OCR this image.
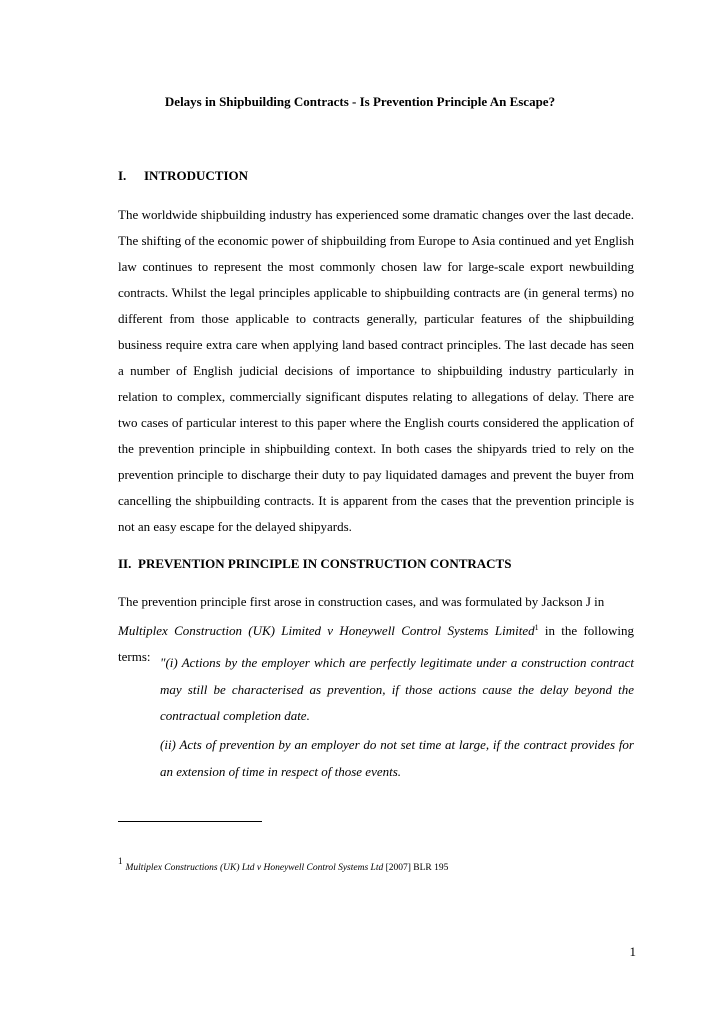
Delays in Shipbuilding Contracts - Is Prevention Principle An Escape?
I. INTRODUCTION
The worldwide shipbuilding industry has experienced some dramatic changes over the last decade. The shifting of the economic power of shipbuilding from Europe to Asia continued and yet English law continues to represent the most commonly chosen law for large-scale export newbuilding contracts. Whilst the legal principles applicable to shipbuilding contracts are (in general terms) no different from those applicable to contracts generally, particular features of the shipbuilding business require extra care when applying land based contract principles. The last decade has seen a number of English judicial decisions of importance to shipbuilding industry particularly in relation to complex, commercially significant disputes relating to allegations of delay. There are two cases of particular interest to this paper where the English courts considered the application of the prevention principle in shipbuilding context. In both cases the shipyards tried to rely on the prevention principle to discharge their duty to pay liquidated damages and prevent the buyer from cancelling the shipbuilding contracts. It is apparent from the cases that the prevention principle is not an easy escape for the delayed shipyards.
II. PREVENTION PRINCIPLE IN CONSTRUCTION CONTRACTS
The prevention principle first arose in construction cases, and was formulated by Jackson J in
Multiplex Construction (UK) Limited v Honeywell Control Systems Limited$^1$ in the following terms: "(i) Actions by the employer which are perfectly legitimate under a construction contract may still be characterised as prevention, if those actions cause the delay beyond the contractual completion date.
(ii) Acts of prevention by an employer do not set time at large, if the contract provides for an extension of time in respect of those events.
$^1$Multiplex Constructions (UK) Ltd v Honeywell Control Systems Ltd [2007] BLR 195
1
